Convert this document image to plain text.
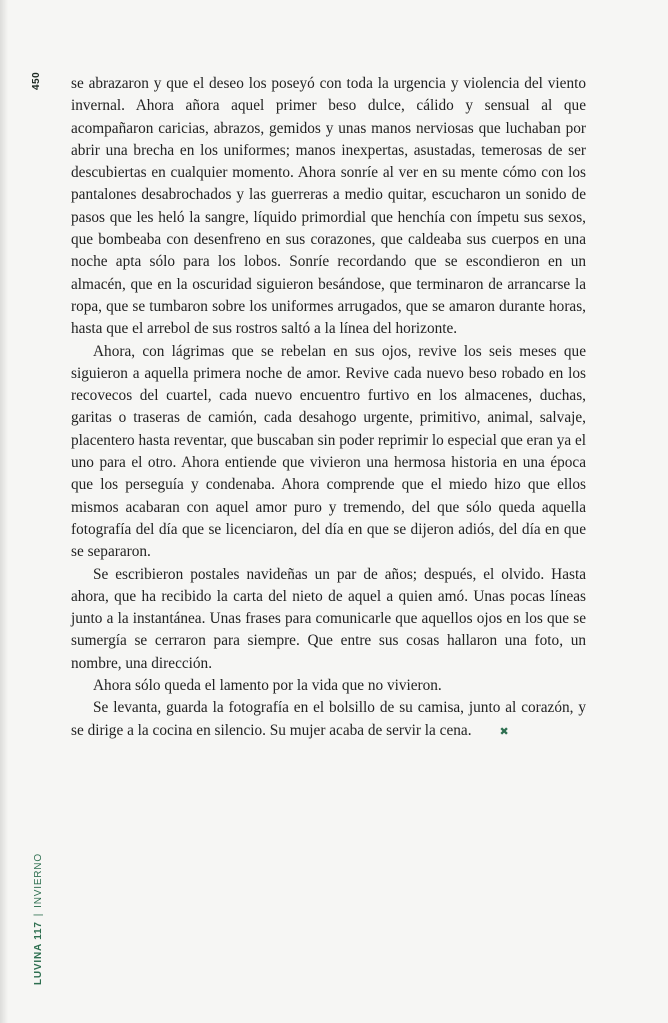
450
LUVINA 117|INVIERNO

se abrazaron y que el deseo los poseyó con toda la urgencia y violencia del viento invernal. Ahora añora aquel primer beso dulce, cálido y sensual al que acompañaron caricias, abrazos, gemidos y unas manos nerviosas que luchaban por abrir una brecha en los uniformes; manos inexpertas, asustadas, temerosas de ser descubiertas en cualquier momento. Ahora sonríe al ver en su mente cómo con los pantalones desabrochados y las guerreras a medio quitar, escucharon un sonido de pasos que les heló la sangre, líquido primordial que henchía con ímpetu sus sexos, que bombeaba con desenfreno en sus corazones, que caldeaba sus cuerpos en una noche apta sólo para los lobos. Sonríe recordando que se escondieron en un almacén, que en la oscuridad siguieron besándose, que terminaron de arrancarse la ropa, que se tumbaron sobre los uniformes arrugados, que se amaron durante horas, hasta que el arrebol de sus rostros saltó a la línea del horizonte.

Ahora, con lágrimas que se rebelan en sus ojos, revive los seis meses que siguieron a aquella primera noche de amor. Revive cada nuevo beso robado en los recovecos del cuartel, cada nuevo encuentro furtivo en los almacenes, duchas, garitas o traseras de camión, cada desahogo urgente, primitivo, animal, salvaje, placentero hasta reventar, que buscaban sin poder reprimir lo especial que eran ya el uno para el otro. Ahora entiende que vivieron una hermosa historia en una época que los perseguía y condenaba. Ahora comprende que el miedo hizo que ellos mismos acabaran con aquel amor puro y tremendo, del que sólo queda aquella fotografía del día que se licenciaron, del día en que se dijeron adiós, del día en que se separaron.

Se escribieron postales navideñas un par de años; después, el olvido. Hasta ahora, que ha recibido la carta del nieto de aquel a quien amó. Unas pocas líneas junto a la instantánea. Unas frases para comunicarle que aquellos ojos en los que se sumergía se cerraron para siempre. Que entre sus cosas hallaron una foto, un nombre, una dirección.

Ahora sólo queda el lamento por la vida que no vivieron.

Se levanta, guarda la fotografía en el bolsillo de su camisa, junto al corazón, y se dirige a la cocina en silencio. Su mujer acaba de servir la cena.	✖
